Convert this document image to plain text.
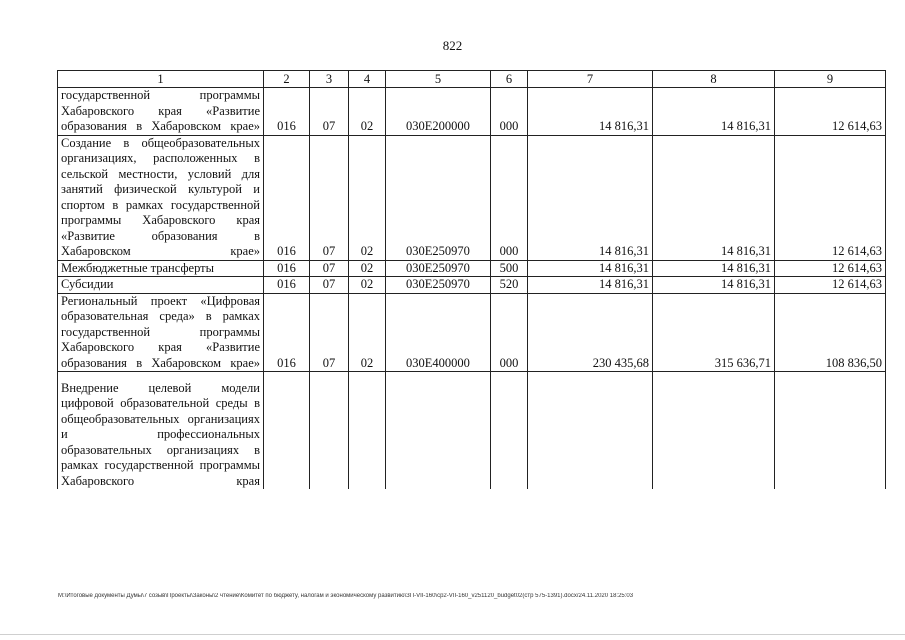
822
1	2	3	4	5	6	7	8	9
государственной программы Хабаровского края «Развитие образования в Хабаровском крае»	016	07	02	030E200000	000	14 816,31	14 816,31	12 614,63
Создание в общеобразовательных организациях, расположенных в сельской местности, условий для занятий физической культурой и спортом в рамках государственной программы Хабаровского края «Развитие образования в Хабаровском крае»	016	07	02	030E250970	000	14 816,31	14 816,31	12 614,63
Межбюджетные трансферты	016	07	02	030E250970	500	14 816,31	14 816,31	12 614,63
Субсидии	016	07	02	030E250970	520	14 816,31	14 816,31	12 614,63
Региональный проект «Цифровая образовательная среда» в рамках государственной программы Хабаровского края «Развитие образования в Хабаровском крае»	016	07	02	030E400000	000	230 435,68	315 636,71	108 836,50
Внедрение целевой модели цифровой образовательной среды в общеобразовательных организациях и профессиональных образовательных организациях в рамках государственной программы Хабаровского края								
M:\Итоговые документы Думы\7 созыв\Проекты\Законы\2 чтение\Комитет по бюджету, налогам и экономическому развитию\ЗП-VII-160\ср2-VII-160_v251120_budget02(стр 575-1391).docx/24.11.2020 18:25:03
